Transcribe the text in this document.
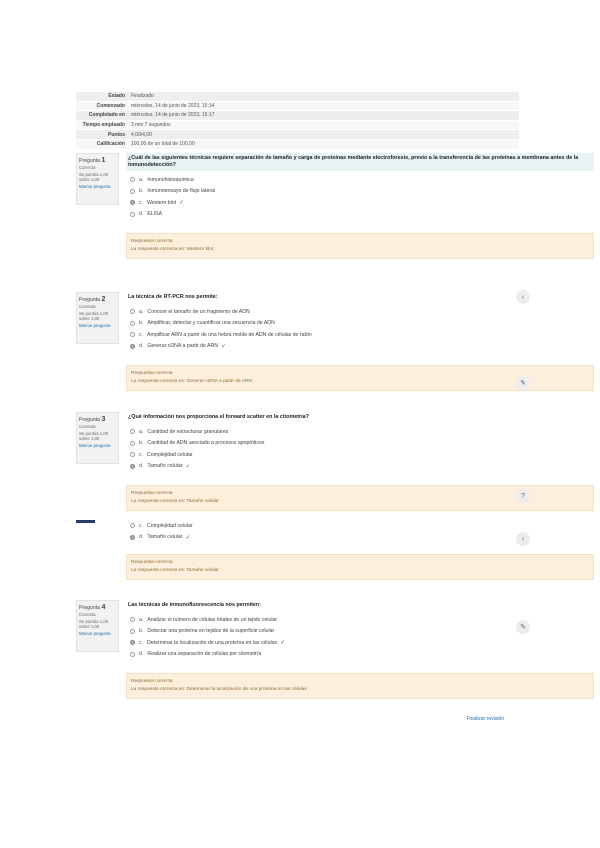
Estado	Finalizado
Comenzado	miércoles, 14 de junio de 2023, 15:14
Completado en	miércoles, 14 de junio de 2023, 15:17
Tiempo empleado	3 min 7 segundos
Puntos	4,00/4,00
Calificación	100,00 de un total de 100,00
Pregunta 1
Correcta
Se puntúa 1,00 sobre 1,00
Marcar pregunta
¿Cuál de las siguientes técnicas requiere separación de tamaño y carga de proteínas mediante electroforesis, previo a la transferencia de las proteínas a membrana antes de la inmunodetección?
a. Inmunohistoquímica
b. Inmunoensayo de flujo lateral
c. Western blot ✓
d. ELISA
Respuesta correcta
La respuesta correcta es: Western blot
‹
Pregunta 2
Correcta
Se puntúa 1,00 sobre 1,00
Marcar pregunta
La técnica de RT-PCR nos permite:
a. Conocer el tamaño de un fragmento de ADN
b. Amplificar, detectar y cuantificar una secuencia de ADN
c. Amplificar ARN a partir de una hebra molde de ADN de células de ratón
d. Generar cDNA a partir de ARN ✓
Respuesta correcta
La respuesta correcta es: Generar cDNA a partir de ARN	✎
Pregunta 3
Correcta
Se puntúa 1,00 sobre 1,00
Marcar pregunta
¿Qué información nos proporciona el forward scatter en la citometría?
a. Cantidad de estructuras granulares
b. Cantidad de ADN asociado a procesos apoptóticos
c. Complejidad celular
d. Tamaño celular ✓
Respuesta correcta
La respuesta correcta es: Tamaño celular
?
c. Complejidad celular
d. Tamaño celular ✓
Respuesta correcta
La respuesta correcta es: Tamaño celular
‹
Pregunta 4
Correcta
Se puntúa 1,00 sobre 1,00
Marcar pregunta
Las técnicas de inmunofluorescencia nos permiten:
a. Analizar el número de células totales de un tejido celular
b. Detectar una proteína en tejidos de la superficie celular
c. Determinar la localización de una proteína en las células ✓
d. Realizar una separación de células por citometría
Respuesta correcta
La respuesta correcta es: Determinar la localización de una proteína en las células
✎
Finalizar revisión
